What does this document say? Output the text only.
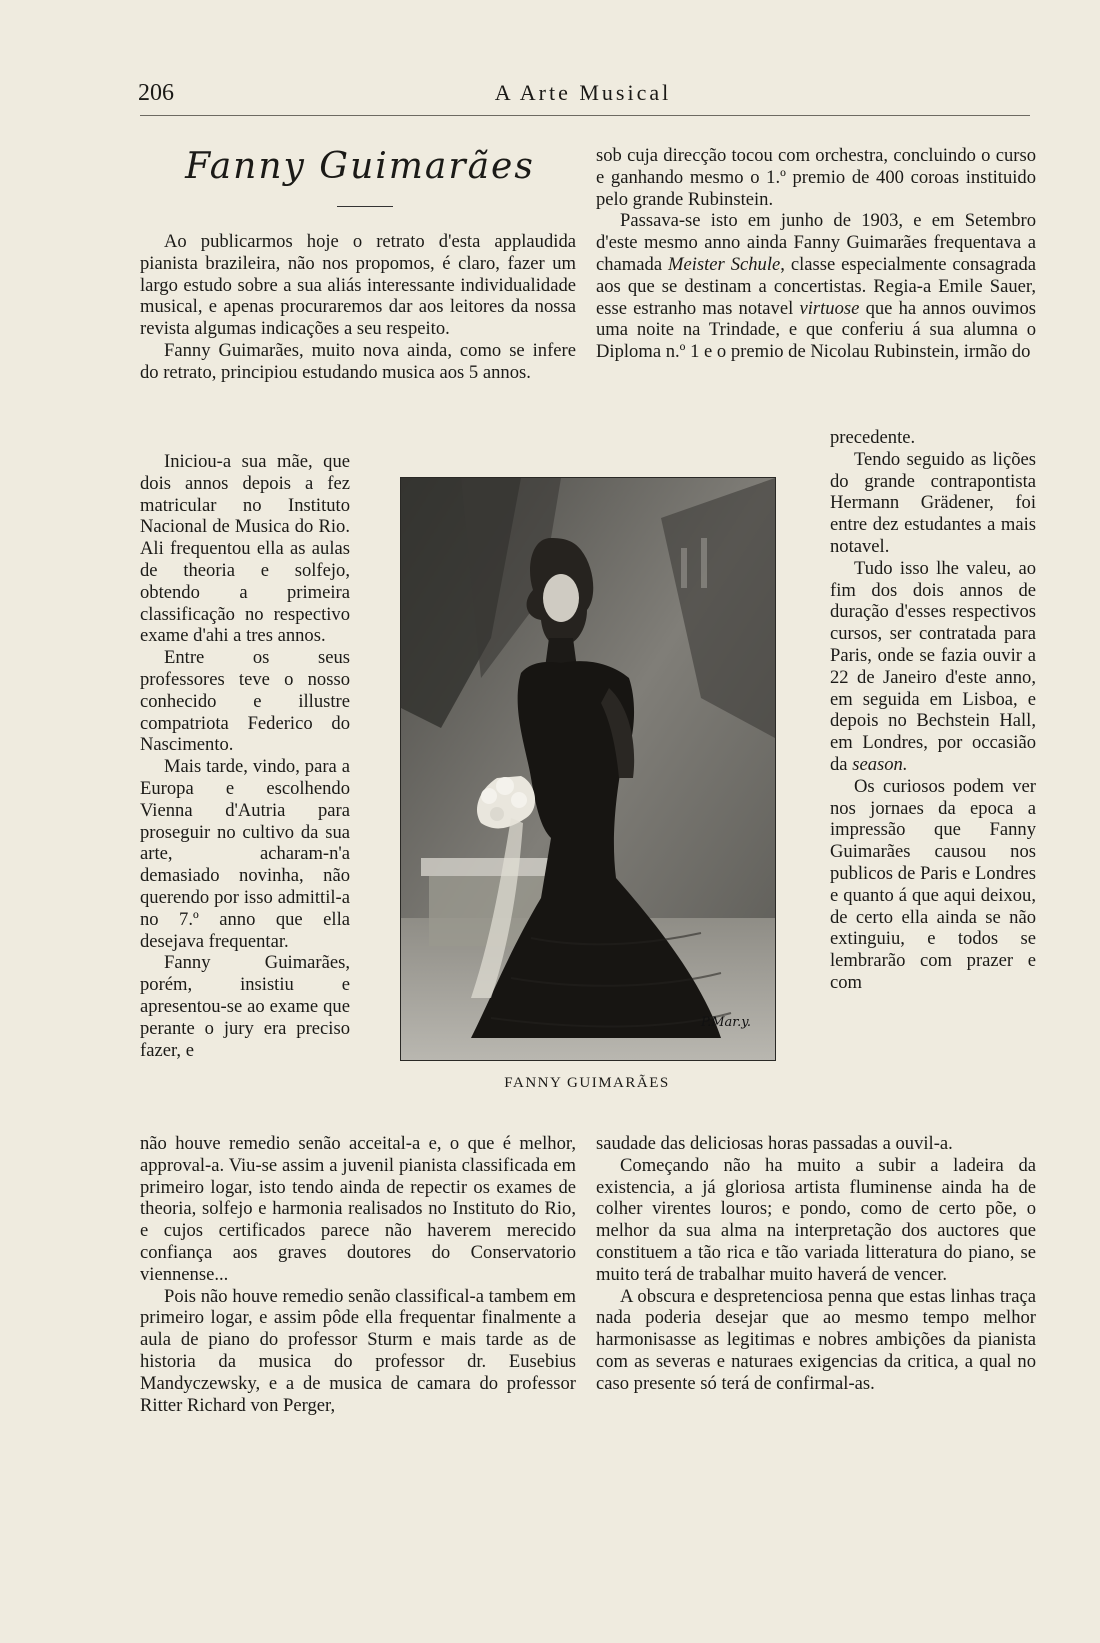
206	A Arte Musical
Fanny Guimarães

Ao publicarmos hoje o retrato d'esta applaudida pianista brazileira, não nos propomos, é claro, fazer um largo estudo sobre a sua aliás interessante individualidade musical, e apenas procuraremos dar aos leitores da nossa revista algumas indicações a seu respeito.

Fanny Guimarães, muito nova ainda, como se infere do retrato, principiou estudando musica aos 5 annos.

Iniciou-a sua mãe, que dois annos depois a fez matricular no Instituto Nacional de Musica do Rio. Ali frequentou ella as aulas de theoria e solfejo, obtendo a primeira classificação no respectivo exame d'ahi a tres annos.

Entre os seus professores teve o nosso conhecido e illustre compatriota Federico do Nascimento.

Mais tarde, vindo, para a Europa e escolhendo Vienna d'Autria para proseguir no cultivo da sua arte, acharam-n'a demasiado novinha, não querendo por isso admittil-a no 7.º anno que ella desejava frequentar.

Fanny Guimarães, porém, insistiu e apresentou-se ao exame que perante o jury era preciso fazer, e

não houve remedio senão acceital-a e, o que é melhor, approval-a. Viu-se assim a juvenil pianista classificada em primeiro logar, isto tendo ainda de repectir os exames de theoria, solfejo e harmonia realisados no Instituto do Rio, e cujos certificados parece não haverem merecido confiança aos graves doutores do Conservatorio viennense...

Pois não houve remedio senão classifical-a tambem em primeiro logar, e assim pôde ella frequentar finalmente a aula de piano do professor Sturm e mais tarde as de historia da musica do professor dr. Eusebius Mandyczewsky, e a de musica de camara do professor Ritter Richard von Perger,

sob cuja direcção tocou com orchestra, concluindo o curso e ganhando mesmo o 1.º premio de 400 coroas instituido pelo grande Rubinstein.

Passava-se isto em junho de 1903, e em Setembro d'este mesmo anno ainda Fanny Guimarães frequentava a chamada Meister Schule, classe especialmente consagrada aos que se destinam a concertistas. Regia-a Emile Sauer, esse estranho mas notavel virtuose que ha annos ouvimos uma noite na Trindade, e que conferiu á sua alumna o Diploma n.º 1 e o premio de Nicolau Rubinstein, irmão do

precedente.

Tendo seguido as lições do grande contrapontista Hermann Grädener, foi entre dez estudantes a mais notavel.

Tudo isso lhe valeu, ao fim dos dois annos de duração d'esses respectivos cursos, ser contratada para Paris, onde se fazia ouvir a 22 de Janeiro d'este anno, em seguida em Lisboa, e depois no Bechstein Hall, em Londres, por occasião da season.

Os curiosos podem ver nos jornaes da epoca a impressão que Fanny Guimarães causou nos publicos de Paris e Londres e quanto á que aqui deixou, de certo ella ainda se não extinguiu, e todos se lembrarão com prazer e com

saudade das deliciosas horas passadas a ouvil-a.

Começando não ha muito a subir a ladeira da existencia, a já gloriosa artista fluminense ainda ha de colher virentes louros; e pondo, como de certo põe, o melhor da sua alma na interpretação dos auctores que constituem a tão rica e tão variada litteratura do piano, se muito terá de trabalhar muito haverá de vencer.

A obscura e despretenciosa penna que estas linhas traça nada poderia desejar que ao mesmo tempo melhor harmonisasse as legitimas e nobres ambições da pianista com as severas e naturaes exigencias da critica, a qual no caso presente só terá de confirmal-as.

P.Mar.y.
FANNY GUIMARÃES
